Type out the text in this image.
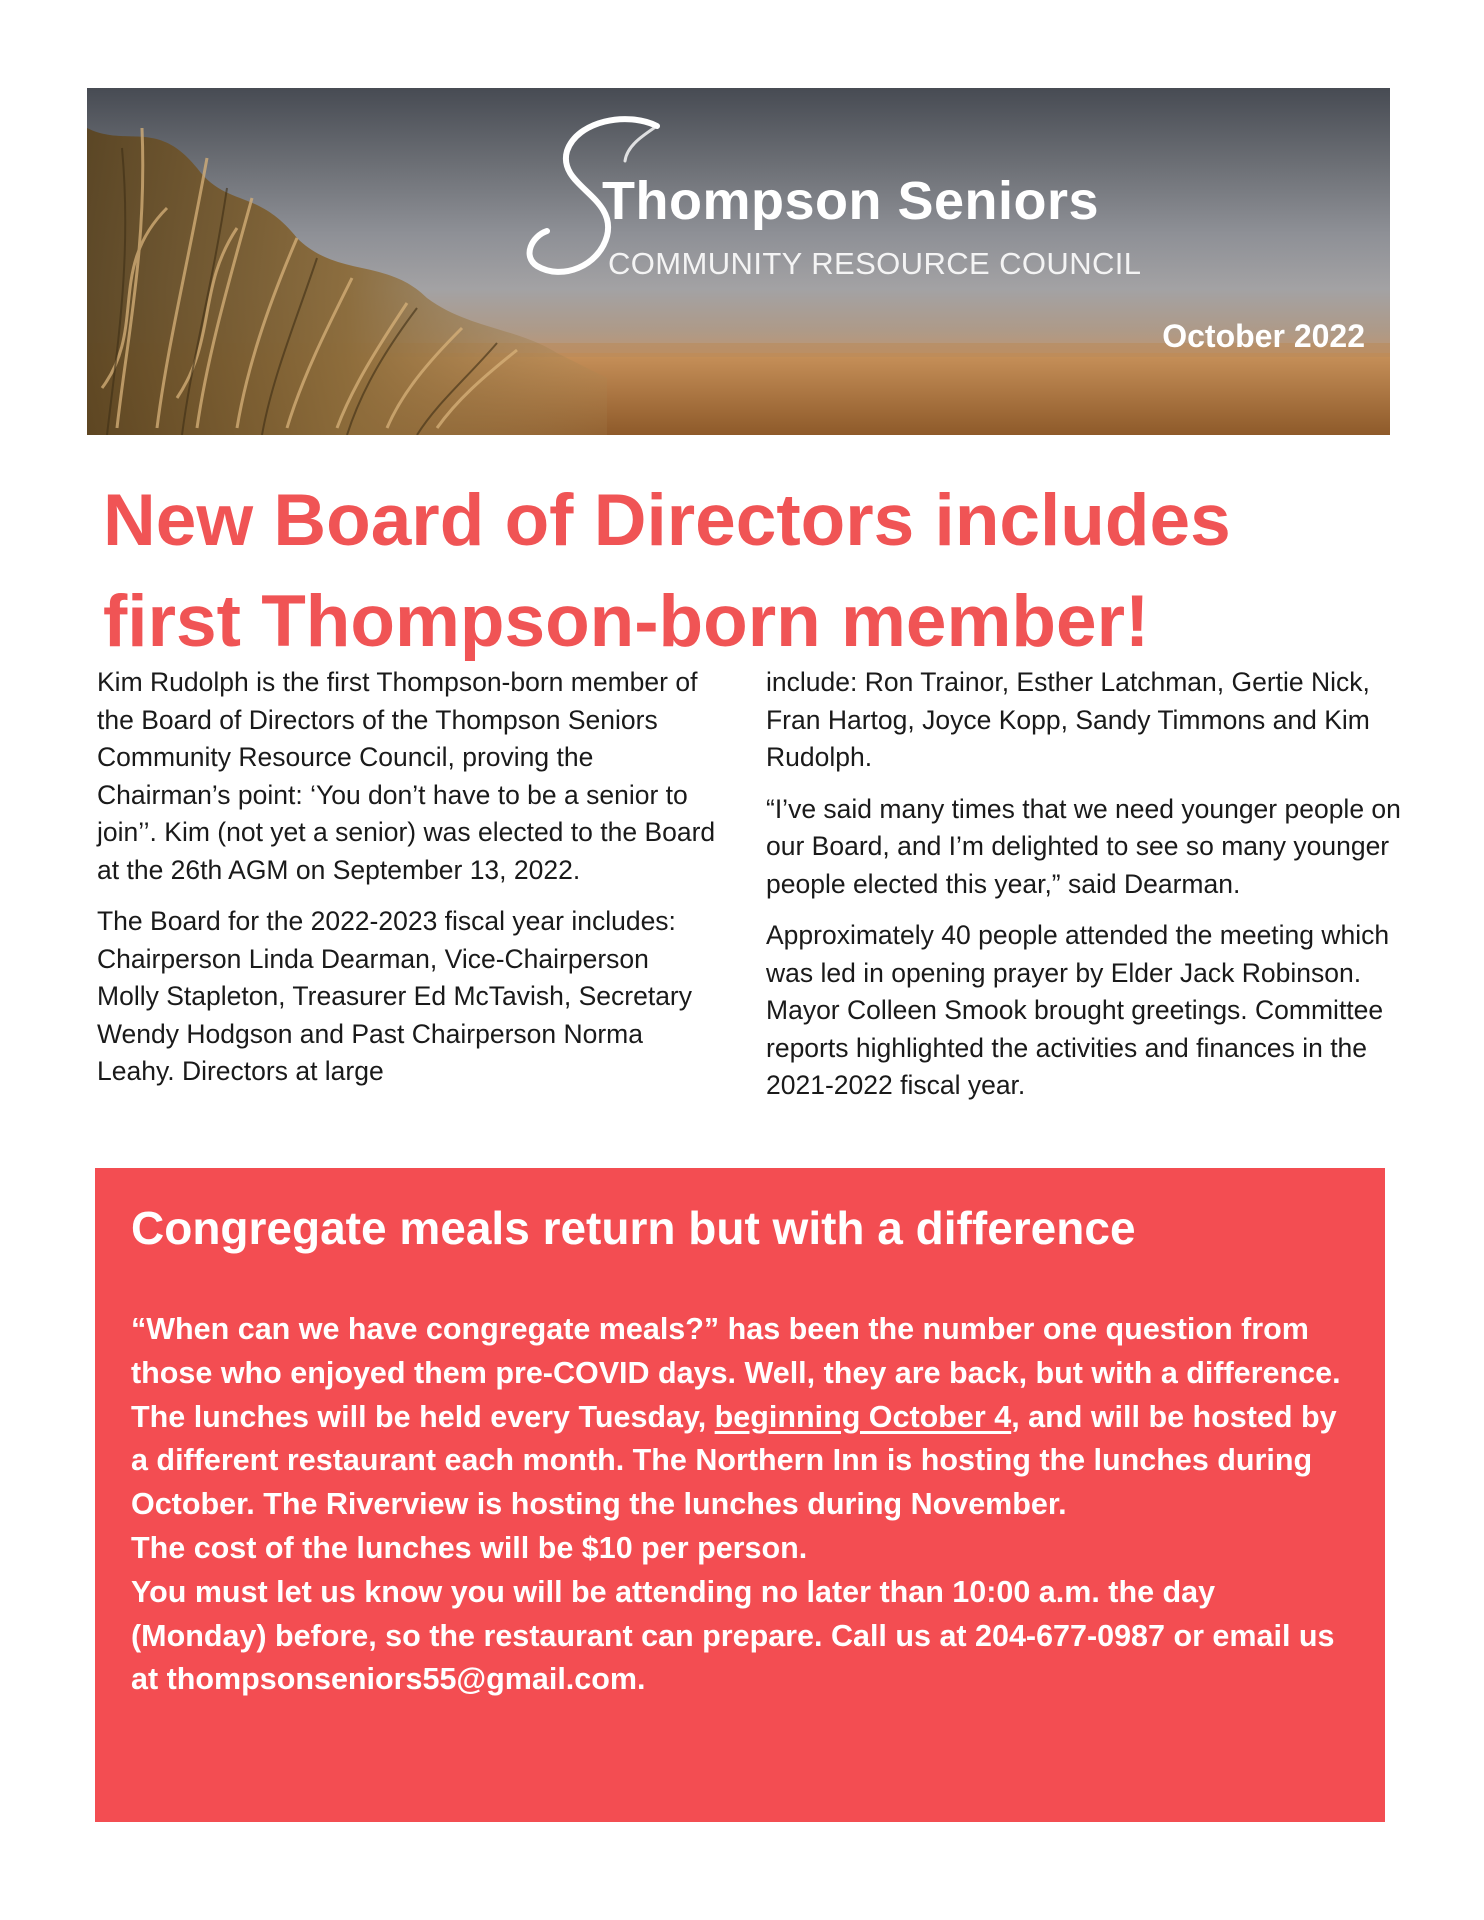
Thompson Seniors
COMMUNITY RESOURCE COUNCIL
October 2022
New Board of Directors includes first Thompson-born member!

Kim Rudolph is the first Thompson-born member of the Board of Directors of the Thompson Seniors Community Resource Council, proving the Chairman’s point: ‘You don’t have to be a senior to join’’. Kim (not yet a senior) was elected to the Board at the 26th AGM on September 13, 2022.

The Board for the 2022-2023 fiscal year includes: Chairperson Linda Dearman, Vice-Chairperson Molly Stapleton, Treasurer Ed McTavish, Secretary Wendy Hodgson and Past Chairperson Norma Leahy. Directors at large

include: Ron Trainor, Esther Latchman, Gertie Nick, Fran Hartog, Joyce Kopp, Sandy Timmons and Kim Rudolph.

“I’ve said many times that we need younger people on our Board, and I’m delighted to see so many younger people elected this year,” said Dearman.

Approximately 40 people attended the meeting which was led in opening prayer by Elder Jack Robinson. Mayor Colleen Smook brought greetings. Committee reports highlighted the activities and finances in the 2021-2022 fiscal year.

Congregate meals return but with a difference

“When can we have congregate meals?” has been the number one question from those who enjoyed them pre-COVID days. Well, they are back, but with a difference.

The lunches will be held every Tuesday, beginning October 4, and will be hosted by a different restaurant each month. The Northern Inn is hosting the lunches during October. The Riverview is hosting the lunches during November.

The cost of the lunches will be $10 per person.

You must let us know you will be attending no later than 10:00 a.m. the day (Monday) before, so the restaurant can prepare. Call us at 204-677-0987 or email us at thompsonseniors55@gmail.com.
